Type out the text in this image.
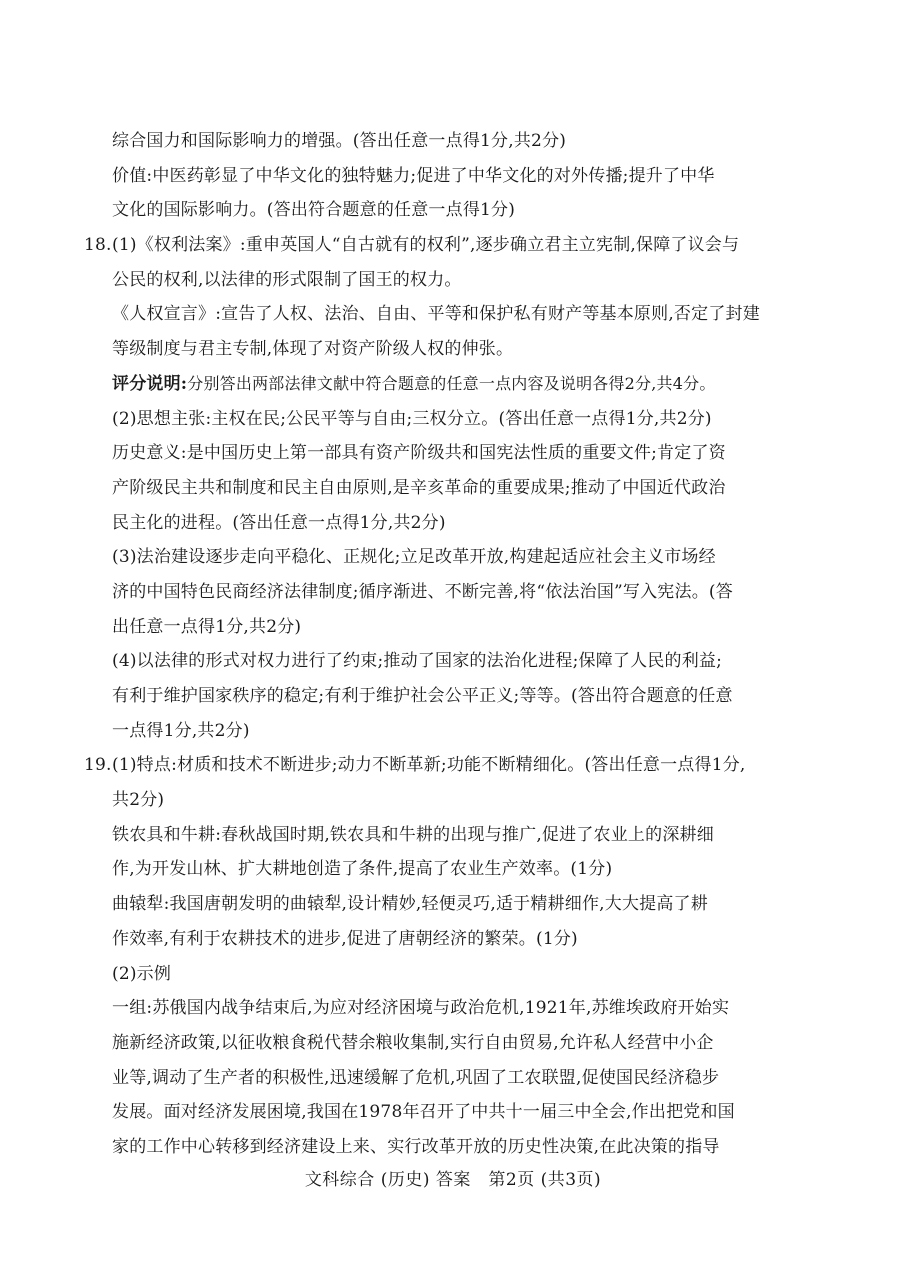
综合国力和国际影响力的增强。(答出任意一点得1分,共2分)
价值:中医药彰显了中华文化的独特魅力;促进了中华文化的对外传播;提升了中华
文化的国际影响力。(答出符合题意的任意一点得1分)
18.(1)《权利法案》:重申英国人“自古就有的权利”,逐步确立君主立宪制,保障了议会与
公民的权利,以法律的形式限制了国王的权力。
《人权宣言》:宣告了人权、法治、自由、平等和保护私有财产等基本原则,否定了封建
等级制度与君主专制,体现了对资产阶级人权的伸张。
评分说明:分别答出两部法律文献中符合题意的任意一点内容及说明各得2分,共4分。
(2)思想主张:主权在民;公民平等与自由;三权分立。(答出任意一点得1分,共2分)
历史意义:是中国历史上第一部具有资产阶级共和国宪法性质的重要文件;肯定了资
产阶级民主共和制度和民主自由原则,是辛亥革命的重要成果;推动了中国近代政治
民主化的进程。(答出任意一点得1分,共2分)
(3)法治建设逐步走向平稳化、正规化;立足改革开放,构建起适应社会主义市场经
济的中国特色民商经济法律制度;循序渐进、不断完善,将“依法治国”写入宪法。(答
出任意一点得1分,共2分)
(4)以法律的形式对权力进行了约束;推动了国家的法治化进程;保障了人民的利益;
有利于维护国家秩序的稳定;有利于维护社会公平正义;等等。(答出符合题意的任意
一点得1分,共2分)
19.(1)特点:材质和技术不断进步;动力不断革新;功能不断精细化。(答出任意一点得1分,
共2分)
铁农具和牛耕:春秋战国时期,铁农具和牛耕的出现与推广,促进了农业上的深耕细
作,为开发山林、扩大耕地创造了条件,提高了农业生产效率。(1分)
曲辕犁:我国唐朝发明的曲辕犁,设计精妙,轻便灵巧,适于精耕细作,大大提高了耕
作效率,有利于农耕技术的进步,促进了唐朝经济的繁荣。(1分)
(2)示例
一组:苏俄国内战争结束后,为应对经济困境与政治危机,1921年,苏维埃政府开始实
施新经济政策,以征收粮食税代替余粮收集制,实行自由贸易,允许私人经营中小企
业等,调动了生产者的积极性,迅速缓解了危机,巩固了工农联盟,促使国民经济稳步
发展。面对经济发展困境,我国在1978年召开了中共十一届三中全会,作出把党和国
家的工作中心转移到经济建设上来、实行改革开放的历史性决策,在此决策的指导
文科综合 (历史) 答案　第2页 (共3页)
